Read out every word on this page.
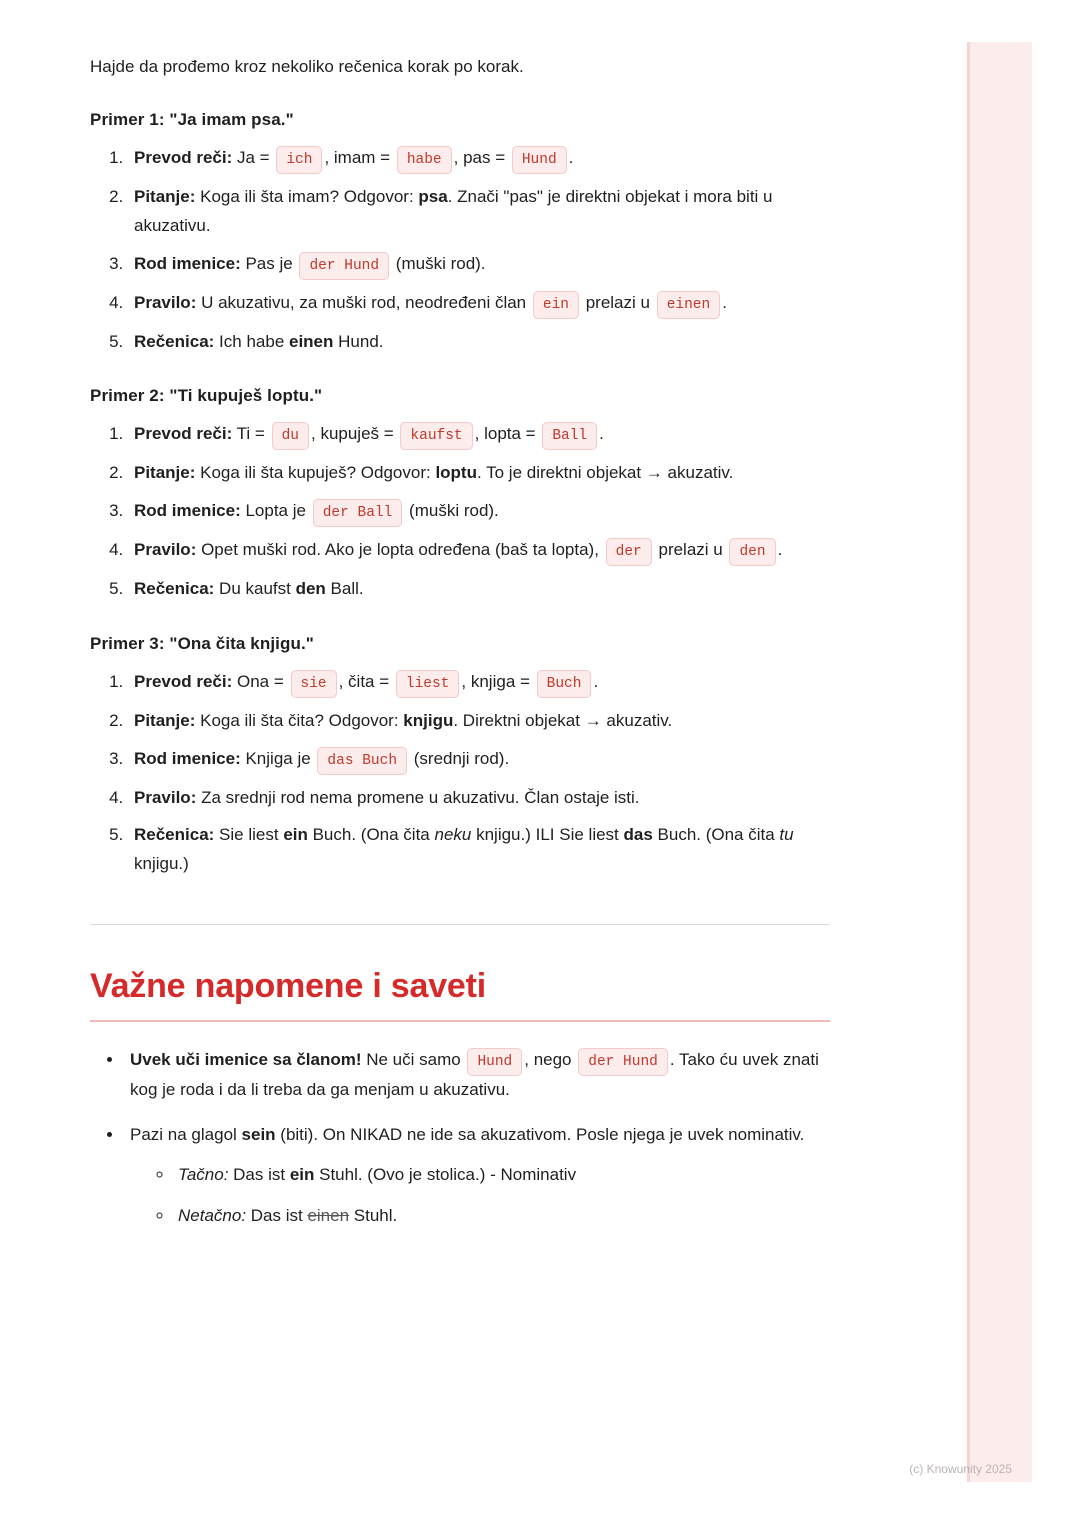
Hajde da prođemo kroz nekoliko rečenica korak po korak.

Primer 1: "Ja imam psa."
1. Prevod reči: Ja = ich , imam = habe , pas = Hund .
2. Pitanje: Koga ili šta imam? Odgovor: psa. Znači "pas" je direktni objekat i mora biti u akuzativu.
3. Rod imenice: Pas je der Hund (muški rod).
4. Pravilo: U akuzativu, za muški rod, neodređeni član ein prelazi u einen .
5. Rečenica: Ich habe einen Hund.
Primer 2: "Ti kupuješ loptu."
1. Prevod reči: Ti = du , kupuješ = kaufst , lopta = Ball .
2. Pitanje: Koga ili šta kupuješ? Odgovor: loptu. To je direktni objekat → akuzativ.
3. Rod imenice: Lopta je der Ball (muški rod).
4. Pravilo: Opet muški rod. Ako je lopta određena (baš ta lopta), der prelazi u den .
5. Rečenica: Du kaufst den Ball.
Primer 3: "Ona čita knjigu."
1. Prevod reči: Ona = sie , čita = liest , knjiga = Buch .
2. Pitanje: Koga ili šta čita? Odgovor: knjigu. Direktni objekat → akuzativ.
3. Rod imenice: Knjiga je das Buch (srednji rod).
4. Pravilo: Za srednji rod nema promene u akuzativu. Član ostaje isti.
5. Rečenica: Sie liest ein Buch. (Ona čita neku knjigu.) ILI Sie liest das Buch. (Ona čita tu knjigu.)
Važne napomene i saveti
• Uvek uči imenice sa članom! Ne uči samo Hund , nego der Hund . Tako ću uvek znati kog je roda i da li treba da ga menjam u akuzativu.
• Pazi na glagol sein (biti). On NIKAD ne ide sa akuzativom. Posle njega je uvek nominativ.
◦ Tačno: Das ist ein Stuhl. (Ovo je stolica.) - Nominativ
◦ Netačno: Das ist einen Stuhl.
(c) Knowunity 2025
